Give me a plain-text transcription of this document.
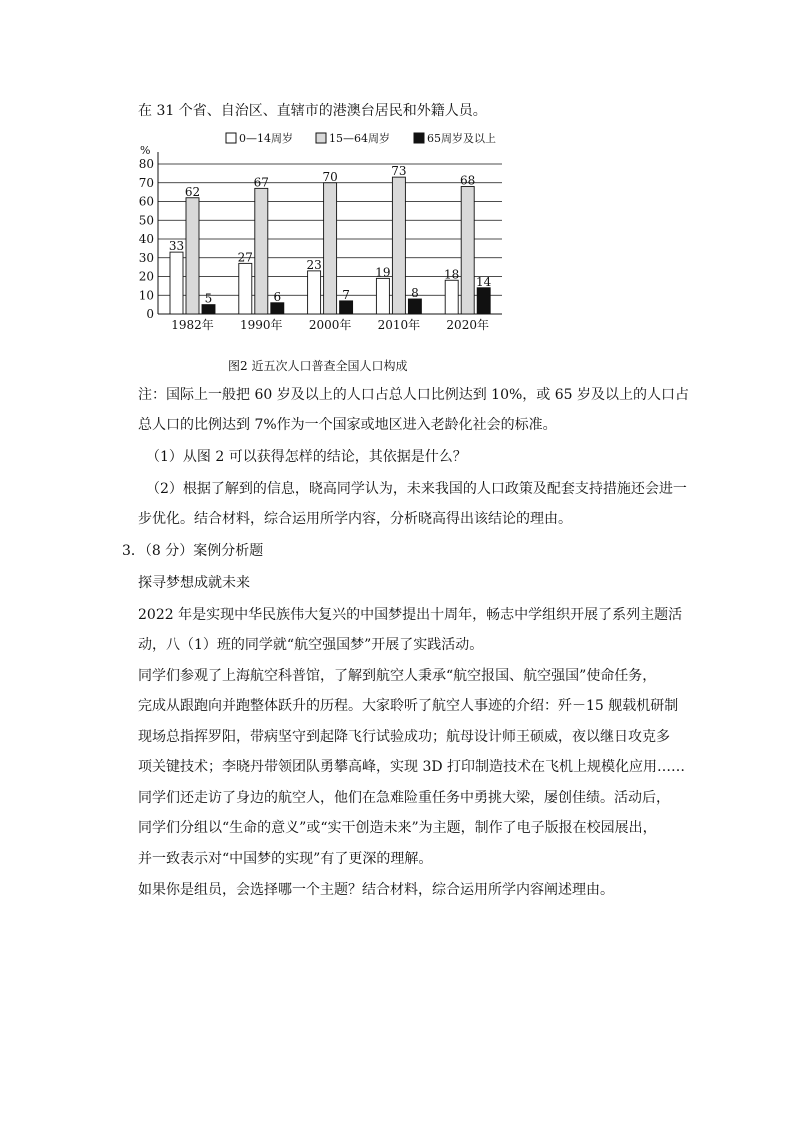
在 31 个省、自治区、直辖市的港澳台居民和外籍人员。
0—14周岁	15—64周岁	65周岁及以上
%
0
10
20
30
40
50
60
70
80
33
62
5
1982年
27
67
6
1990年
23
70
7
2000年
19
73
8
2010年
18
68
14
2020年
图2 近五次人口普查全国人口构成
注：国际上一般把 60 岁及以上的人口占总人口比例达到 10%，或 65 岁及以上的人口占
总人口的比例达到 7%作为一个国家或地区进入老龄化社会的标准。
（1）从图 2 可以获得怎样的结论，其依据是什么？
（2）根据了解到的信息，晓高同学认为，未来我国的人口政策及配套支持措施还会进一
步优化。结合材料，综合运用所学内容，分析晓高得出该结论的理由。
3．（8 分）案例分析题
探寻梦想成就未来
2022 年是实现中华民族伟大复兴的中国梦提出十周年，畅志中学组织开展了系列主题活
动，八（1）班的同学就“航空强国梦”开展了实践活动。
同学们参观了上海航空科普馆，了解到航空人秉承“航空报国、航空强国”使命任务，
完成从跟跑向并跑整体跃升的历程。大家聆听了航空人事迹的介绍：歼－15 舰载机研制
现场总指挥罗阳，带病坚守到起降飞行试验成功；航母设计师王硕威，夜以继日攻克多
项关键技术；李晓丹带领团队勇攀高峰，实现 3D 打印制造技术在飞机上规模化应用……
同学们还走访了身边的航空人，他们在急难险重任务中勇挑大梁，屡创佳绩。活动后，
同学们分组以“生命的意义”或“实干创造未来”为主题，制作了电子版报在校园展出，
并一致表示对“中国梦的实现”有了更深的理解。
如果你是组员，会选择哪一个主题？结合材料，综合运用所学内容阐述理由。
